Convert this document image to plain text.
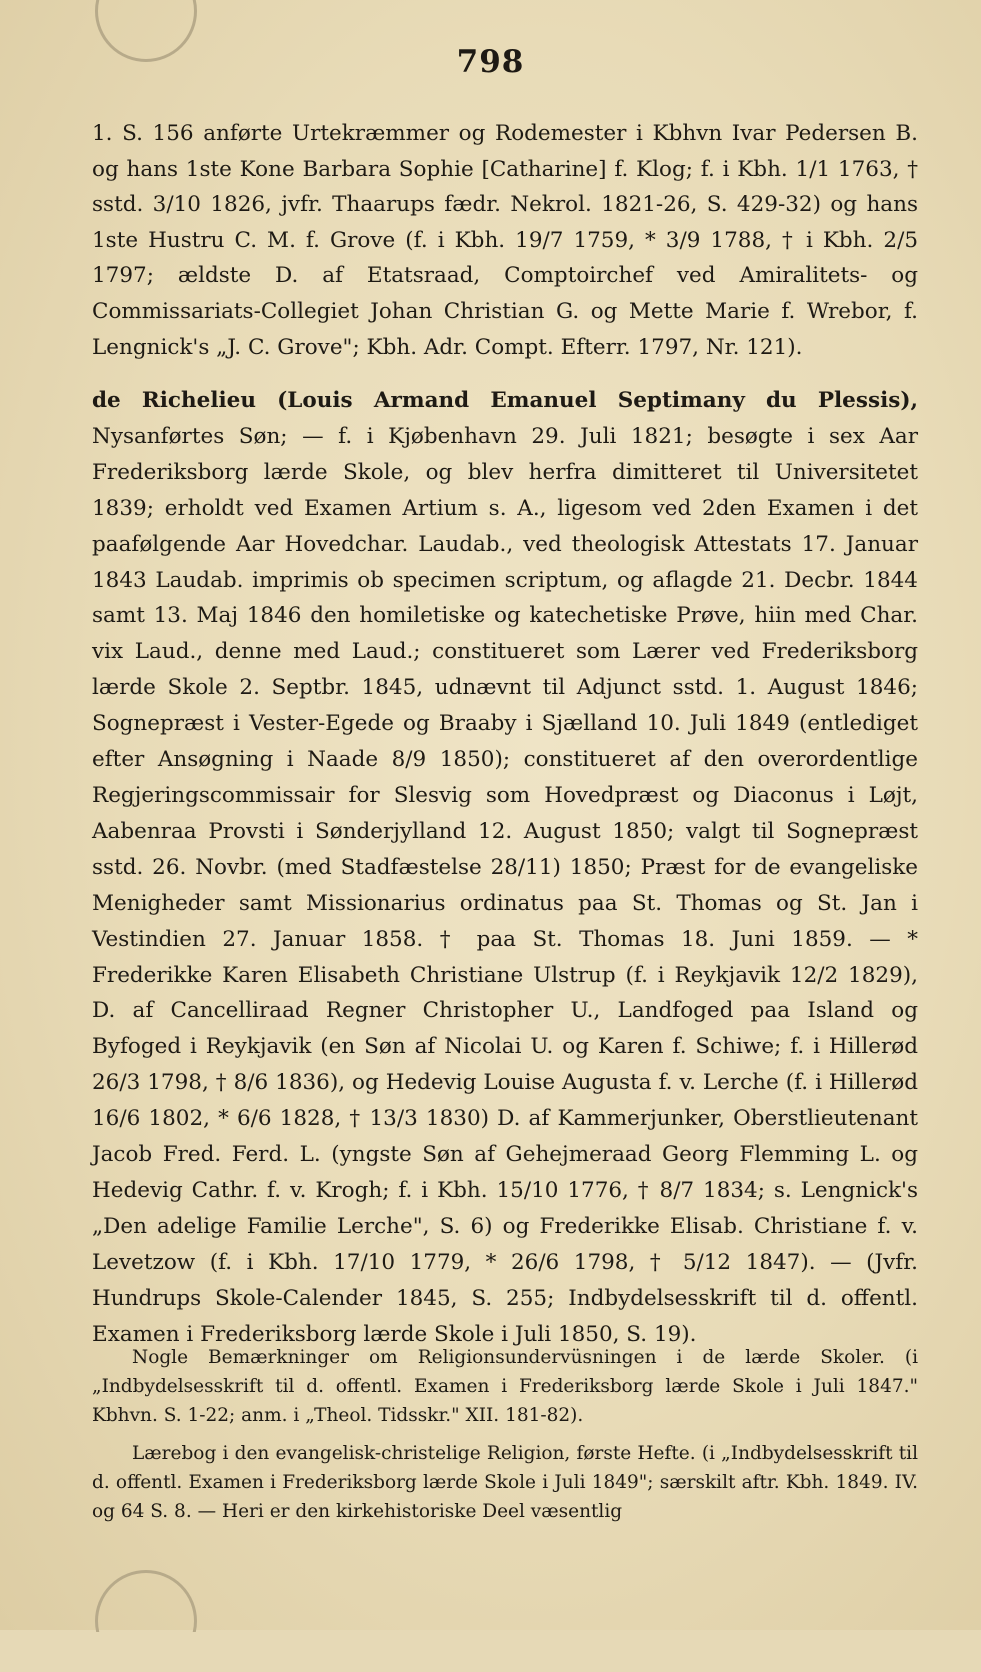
798
1. S. 156 anførte Urtekræmmer og Rodemester i Kbhvn Ivar Pedersen B. og hans 1ste Kone Barbara Sophie [Catharine] f. Klog; f. i Kbh. 1/1 1763, † sstd. 3/10 1826, jvfr. Thaarups fædr. Nekrol. 1821-26, S. 429-32) og hans 1ste Hustru C. M. f. Grove (f. i Kbh. 19/7 1759, * 3/9 1788, † i Kbh. 2/5 1797; ældste D. af Etatsraad, Comptoirchef ved Amiralitets- og Commissariats-Collegiet Johan Christian G. og Mette Marie f. Wrebor, f. Lengnick's „J. C. Grove"; Kbh. Adr. Compt. Efterr. 1797, Nr. 121).
de Richelieu (Louis Armand Emanuel Septimany du Plessis), Nysanførtes Søn; — f. i Kjøbenhavn 29. Juli 1821; besøgte i sex Aar Frederiksborg lærde Skole, og blev herfra dimitteret til Universitetet 1839; erholdt ved Examen Artium s. A., ligesom ved 2den Examen i det paafølgende Aar Hovedchar. Laudab., ved theologisk Attestats 17. Januar 1843 Laudab. imprimis ob specimen scriptum, og aflagde 21. Decbr. 1844 samt 13. Maj 1846 den homiletiske og katechetiske Prøve, hiin med Char. vix Laud., denne med Laud.; constitueret som Lærer ved Frederiksborg lærde Skole 2. Septbr. 1845, udnævnt til Adjunct sstd. 1. August 1846; Sognepræst i Vester-Egede og Braaby i Sjælland 10. Juli 1849 (entlediget efter Ansøgning i Naade 8/9 1850); constitueret af den overordentlige Regjeringscommissair for Slesvig som Hovedpræst og Diaconus i Løjt, Aabenraa Provsti i Sønderjylland 12. August 1850; valgt til Sognepræst sstd. 26. Novbr. (med Stadfæstelse 28/11) 1850; Præst for de evangeliske Menigheder samt Missionarius ordinatus paa St. Thomas og St. Jan i Vestindien 27. Januar 1858. † paa St. Thomas 18. Juni 1859. — * Frederikke Karen Elisabeth Christiane Ulstrup (f. i Reykjavik 12/2 1829), D. af Cancelliraad Regner Christopher U., Landfoged paa Island og Byfoged i Reykjavik (en Søn af Nicolai U. og Karen f. Schiwe; f. i Hillerød 26/3 1798, † 8/6 1836), og Hedevig Louise Augusta f. v. Lerche (f. i Hillerød 16/6 1802, * 6/6 1828, † 13/3 1830) D. af Kammerjunker, Oberstlieutenant Jacob Fred. Ferd. L. (yngste Søn af Gehejmeraad Georg Flemming L. og Hedevig Cathr. f. v. Krogh; f. i Kbh. 15/10 1776, † 8/7 1834; s. Lengnick's „Den adelige Familie Lerche", S. 6) og Frederikke Elisab. Christiane f. v. Levetzow (f. i Kbh. 17/10 1779, * 26/6 1798, † 5/12 1847). — (Jvfr. Hundrups Skole-Calender 1845, S. 255; Indbydelsesskrift til d. offentl. Examen i Frederiksborg lærde Skole i Juli 1850, S. 19).
Nogle Bemærkninger om Religionsundervüsningen i de lærde Skoler. (i „Indbydelsesskrift til d. offentl. Examen i Frederiksborg lærde Skole i Juli 1847." Kbhvn. S. 1-22; anm. i „Theol. Tidsskr." XII. 181-82).
Lærebog i den evangelisk-christelige Religion, første Hefte. (i „Indbydelsesskrift til d. offentl. Examen i Frederiksborg lærde Skole i Juli 1849"; særskilt aftr. Kbh. 1849. IV. og 64 S. 8. — Heri er den kirkehistoriske Deel væsentlig
